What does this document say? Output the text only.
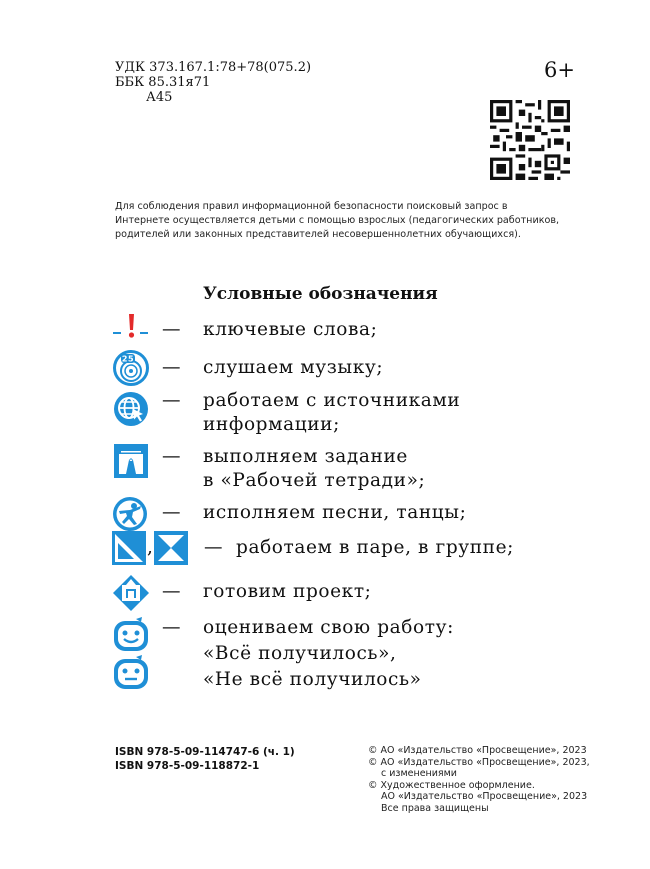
УДК 373.167.1:78+78(075.2)
ББК 85.31я71
А45
6+
Для соблюдения правил информационной безопасности поисковый запрос в Интернете осуществляется детьми с помощью взрослых (педагогических работников, родителей или законных представителей несовершеннолетних обучающихся).
Условные обозначения
— ключевые слова;
25 — слушаем музыку;
— работаем с источниками
информации;
— выполняем задание
в «Рабочей тетради»;
— исполняем песни, танцы;
,	— работаем в паре, в группе;
— готовим проект;
— оцениваем свою работу:
«Всё получилось»,
«Не всё получилось»
ISBN 978-5-09-114747-6 (ч. 1)
ISBN 978-5-09-118872-1
© АО «Издательство «Просвещение», 2023
© АО «Издательство «Просвещение», 2023,
с изменениями
© Художественное оформление.
АО «Издательство «Просвещение», 2023
Все права защищены
